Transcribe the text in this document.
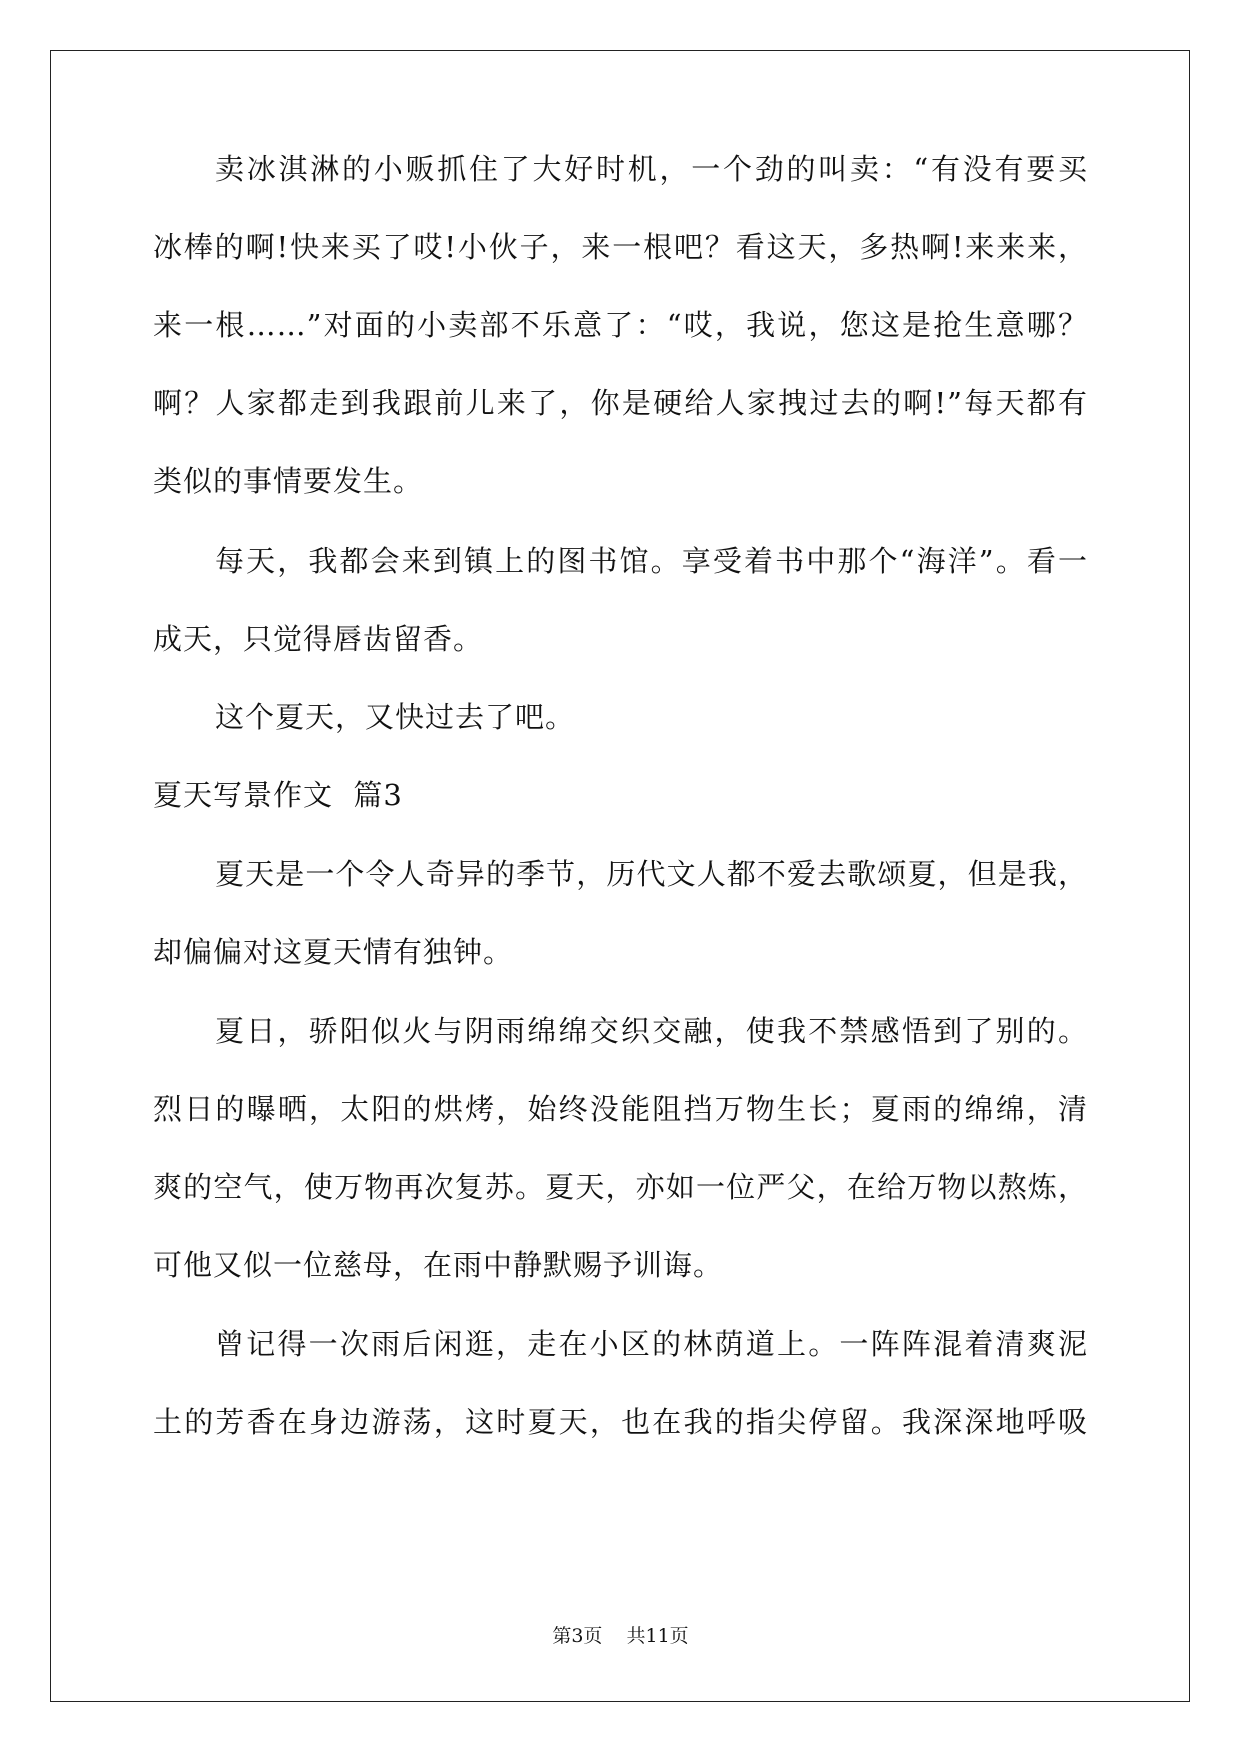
卖冰淇淋的小贩抓住了大好时机，一个劲的叫卖：“有没有要买
冰棒的啊!快来买了哎!小伙子，来一根吧？看这天，多热啊!来来来，
来一根……”对面的小卖部不乐意了：“哎，我说，您这是抢生意哪？
啊？人家都走到我跟前儿来了，你是硬给人家拽过去的啊!”每天都有
类似的事情要发生。
每天，我都会来到镇上的图书馆。享受着书中那个“海洋”。看一
成天，只觉得唇齿留香。
这个夏天，又快过去了吧。
夏天写景作文  篇3
夏天是一个令人奇异的季节，历代文人都不爱去歌颂夏，但是我，
却偏偏对这夏天情有独钟。
夏日，骄阳似火与阴雨绵绵交织交融，使我不禁感悟到了别的。
烈日的曝晒，太阳的烘烤，始终没能阻挡万物生长；夏雨的绵绵，清
爽的空气，使万物再次复苏。夏天，亦如一位严父，在给万物以熬炼，
可他又似一位慈母，在雨中静默赐予训诲。
曾记得一次雨后闲逛，走在小区的林荫道上。一阵阵混着清爽泥
土的芳香在身边游荡，这时夏天，也在我的指尖停留。我深深地呼吸
第3页  共11页
